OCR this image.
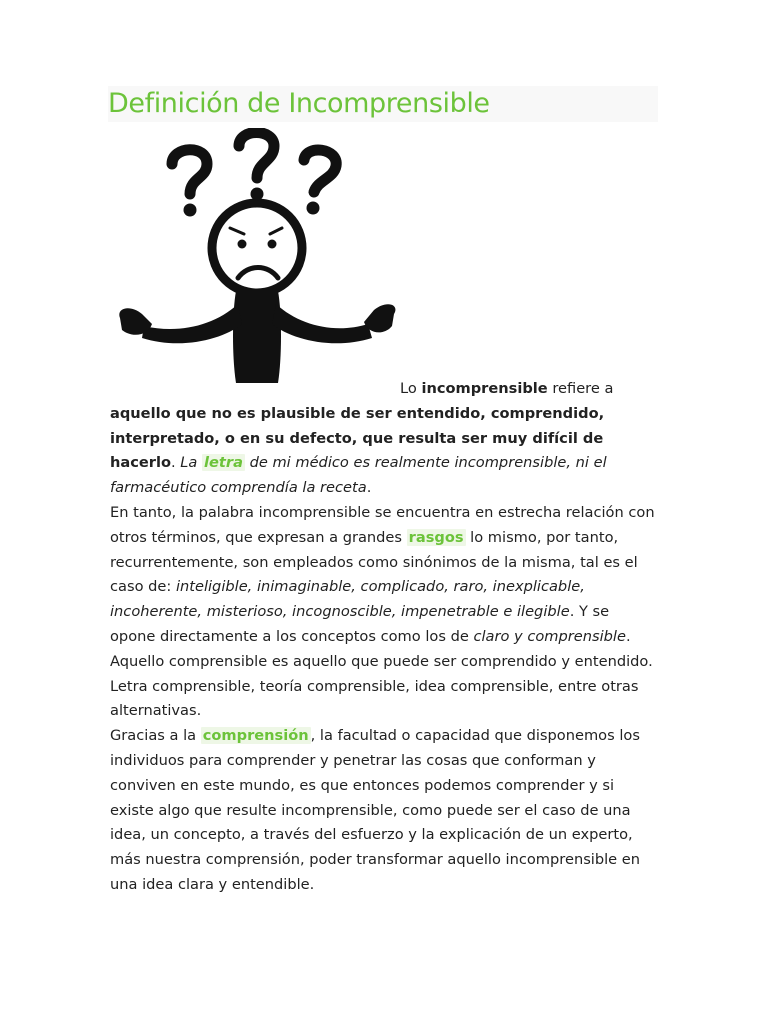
Definición de Incomprensible

Lo incomprensible refiere a aquello que no es plausible de ser entendido, comprendido, interpretado, o en su defecto, que resulta ser muy difícil de hacerlo. La letra de mi médico es realmente incomprensible, ni el farmacéutico comprendía la receta.

En tanto, la palabra incomprensible se encuentra en estrecha relación con otros términos, que expresan a grandes rasgos lo mismo, por tanto, recurrentemente, son empleados como sinónimos de la misma, tal es el caso de: inteligible, inimaginable, complicado, raro, inexplicable, incoherente, misterioso, incognoscible, impenetrable e ilegible. Y se opone directamente a los conceptos como los de claro y comprensible. Aquello comprensible es aquello que puede ser comprendido y entendido. Letra comprensible, teoría comprensible, idea comprensible, entre otras alternativas.

Gracias a la comprensión , la facultad o capacidad que disponemos los individuos para comprender y penetrar las cosas que conforman y conviven en este mundo, es que entonces podemos comprender y si existe algo que resulte incomprensible, como puede ser el caso de una idea, un concepto, a través del esfuerzo y la explicación de un experto, más nuestra comprensión, poder transformar aquello incomprensible en una idea clara y entendible.
